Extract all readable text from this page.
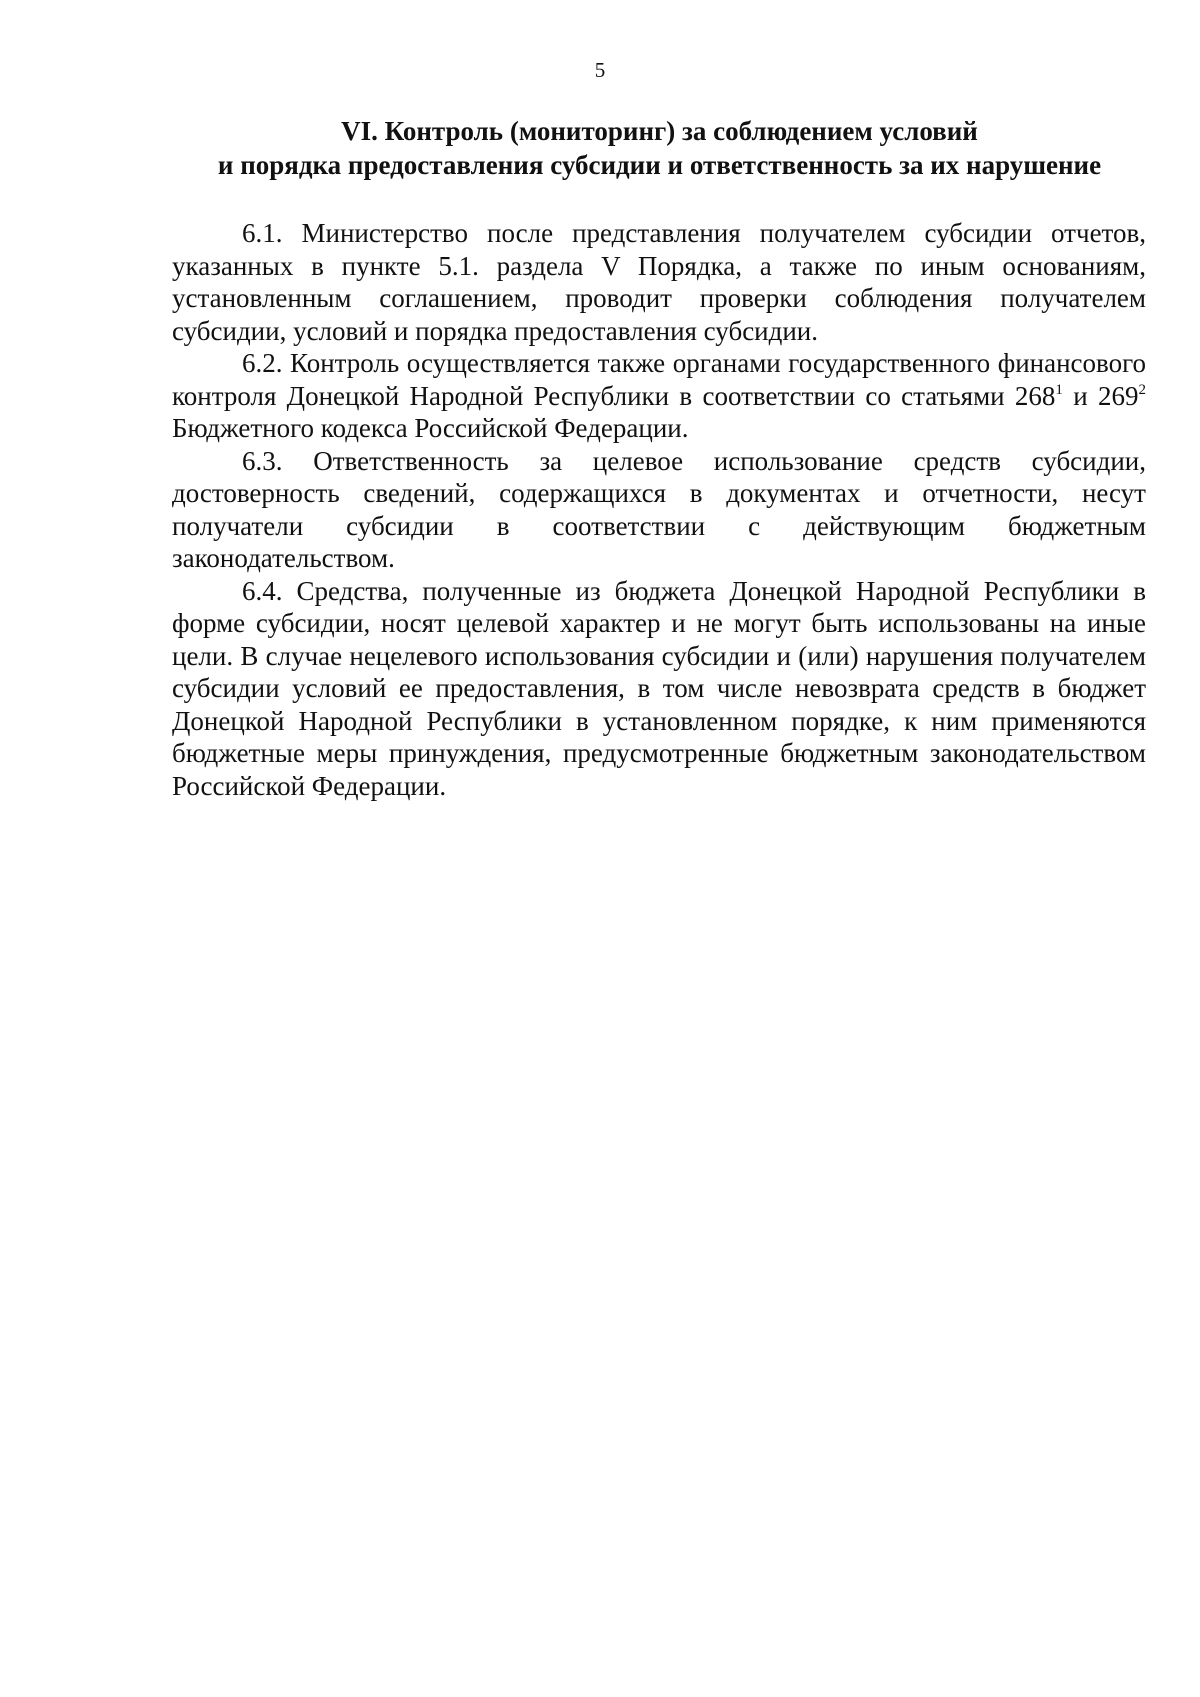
5
VI. Контроль (мониторинг) за соблюдением условий
и порядка предоставления субсидии и ответственность за их нарушение

6.1. Министерство после представления получателем субсидии отчетов, указанных в пункте 5.1. раздела V Порядка, а также по иным основаниям, установленным соглашением, проводит проверки соблюдения получателем субсидии, условий и порядка предоставления субсидии.

6.2. Контроль осуществляется также органами государственного финансового контроля Донецкой Народной Республики в соответствии со статьями $268^1$ и $269^2$ Бюджетного кодекса Российской Федерации.

6.3. Ответственность за целевое использование средств субсидии, достоверность сведений, содержащихся в документах и отчетности, несут получатели субсидии в соответствии с действующим бюджетным законодательством.

6.4. Средства, полученные из бюджета Донецкой Народной Республики в форме субсидии, носят целевой характер и не могут быть использованы на иные цели. В случае нецелевого использования субсидии и (или) нарушения получателем субсидии условий ее предоставления, в том числе невозврата средств в бюджет Донецкой Народной Республики в установленном порядке, к ним применяются бюджетные меры принуждения, предусмотренные бюджетным законодательством Российской Федерации.
